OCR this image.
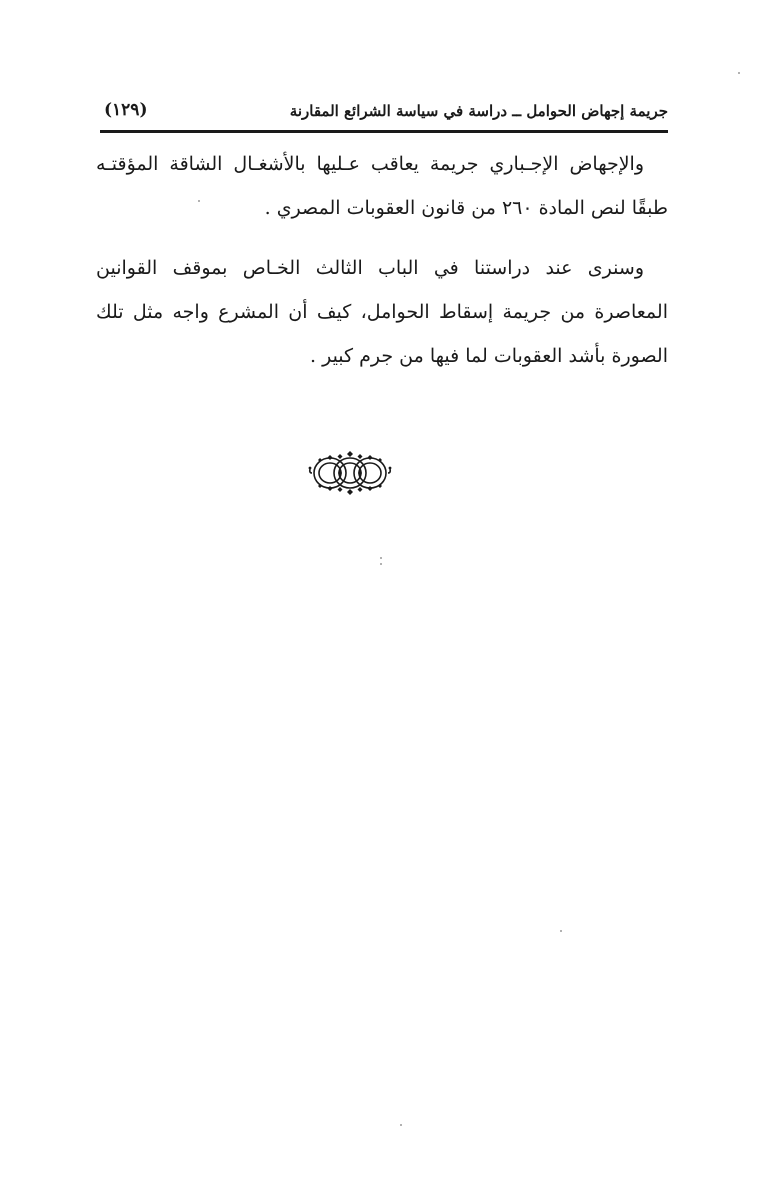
(١٢٩)	جريمة إجهاض الحوامل ــ دراسة في سياسة الشرائع المقارنة

والإجهاض الإجـباري جريمة يعاقب عـليها بالأشغـال الشاقة المؤقتـه طبقًا لنص المادة ٢٦٠ من قانون العقوبات المصري .

وسنرى عند دراستنا في الباب الثالث الخـاص بموقف القوانين المعاصرة من جريمة إسقاط الحوامل، كيف أن المشرع واجه مثل تلك الصورة بأشد العقوبات لما فيها من جرم كبير .
